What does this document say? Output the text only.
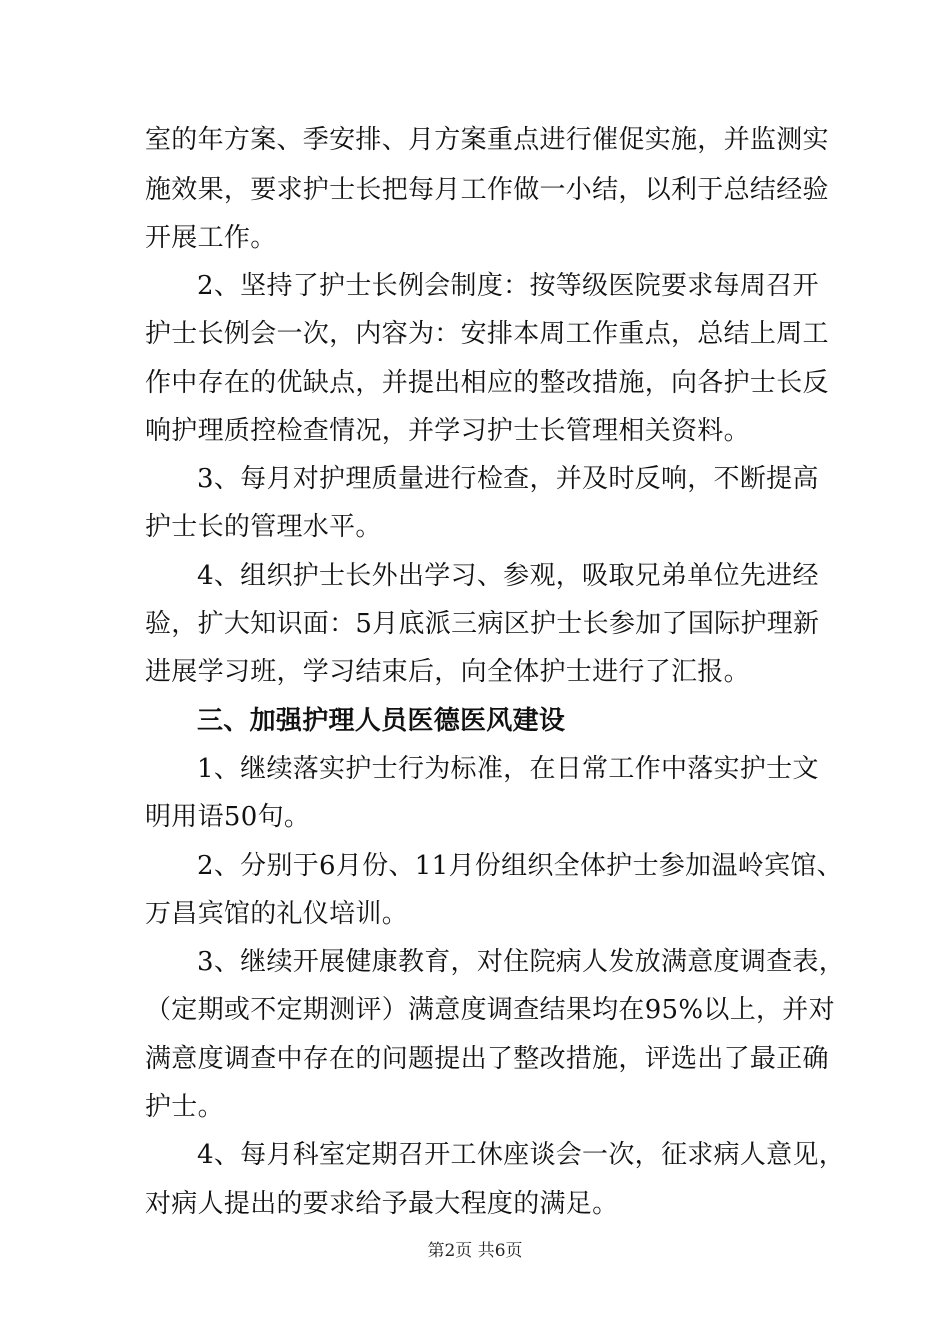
室的年方案、季安排、月方案重点进行催促实施，并监测实
施效果，要求护士长把每月工作做一小结，以利于总结经验
开展工作。
2、坚持了护士长例会制度：按等级医院要求每周召开
护士长例会一次，内容为：安排本周工作重点，总结上周工
作中存在的优缺点，并提出相应的整改措施，向各护士长反
响护理质控检查情况，并学习护士长管理相关资料。
3、每月对护理质量进行检查，并及时反响，不断提高
护士长的管理水平。
4、组织护士长外出学习、参观，吸取兄弟单位先进经
验，扩大知识面：5月底派三病区护士长参加了国际护理新
进展学习班，学习结束后，向全体护士进行了汇报。
三、加强护理人员医德医风建设
1、继续落实护士行为标准，在日常工作中落实护士文
明用语50句。
2、分别于6月份、11月份组织全体护士参加温岭宾馆、
万昌宾馆的礼仪培训。
3、继续开展健康教育，对住院病人发放满意度调查表，
（定期或不定期测评）满意度调查结果均在95%以上，并对
满意度调查中存在的问题提出了整改措施，评选出了最正确
护士。
4、每月科室定期召开工休座谈会一次，征求病人意见，
对病人提出的要求给予最大程度的满足。
第2页 共6页
